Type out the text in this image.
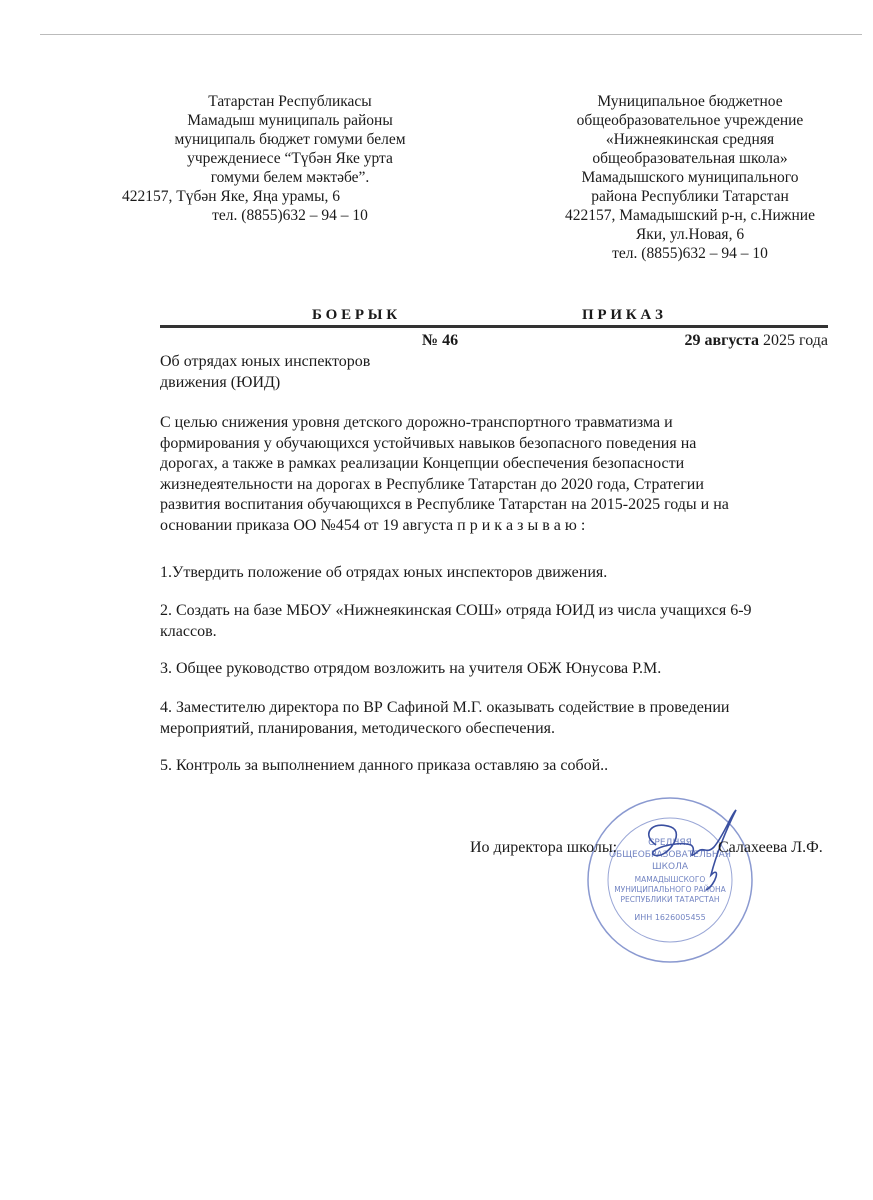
Татарстан Республикасы
Мамадыш муниципаль районы
муниципаль бюджет гомуми белем
учреждениесе “Түбән Яке урта
гомуми белем мәктәбе”.
422157, Түбән Яке, Яңа урамы, 6
тел. (8855)632 – 94 – 10
Муниципальное бюджетное
общеобразовательное учреждение
«Нижнеякинская средняя
общеобразовательная школа»
Мамадышского муниципального
района Республики Татарстан
422157, Мамадышский р-н, с.Нижние
Яки, ул.Новая, 6
тел. (8855)632 – 94 – 10
Б О Е Р Ы К	П Р И К А З
№ 46	29 августа 2025 года
Об отрядах юных инспекторов
движения (ЮИД)
С целью снижения уровня детского дорожно-транспортного травматизма и
формирования у обучающихся устойчивых навыков безопасного поведения на
дорогах, а также в рамках реализации Концепции обеспечения безопасности
жизнедеятельности на дорогах в Республике Татарстан до 2020 года, Стратегии
развития воспитания обучающихся в Республике Татарстан на 2015-2025 годы и на
основании приказа ОО №454 от 19 августа п р и к а з ы в а ю :
1.Утвердить положение об отрядах юных инспекторов движения.
2. Создать на базе МБОУ «Нижнеякинская СОШ» отряда ЮИД из числа учащихся 6-9
классов.
3. Общее руководство отрядом возложить на учителя ОБЖ Юнусова Р.М.
4. Заместителю директора по ВР Сафиной М.Г. оказывать содействие в проведении
мероприятий, планирования, методического обеспечения.
5. Контроль за выполнением данного приказа оставляю за собой..
СРЕДНЯЯ
ОБЩЕОБРАЗОВАТЕЛЬНАЯ
ШКОЛА
МАМАДЫШСКОГО
МУНИЦИПАЛЬНОГО РАЙОНА
РЕСПУБЛИКИ ТАТАРСТАН
ИНН 1626005455
Ио директора школы:	Салахеева Л.Ф.
